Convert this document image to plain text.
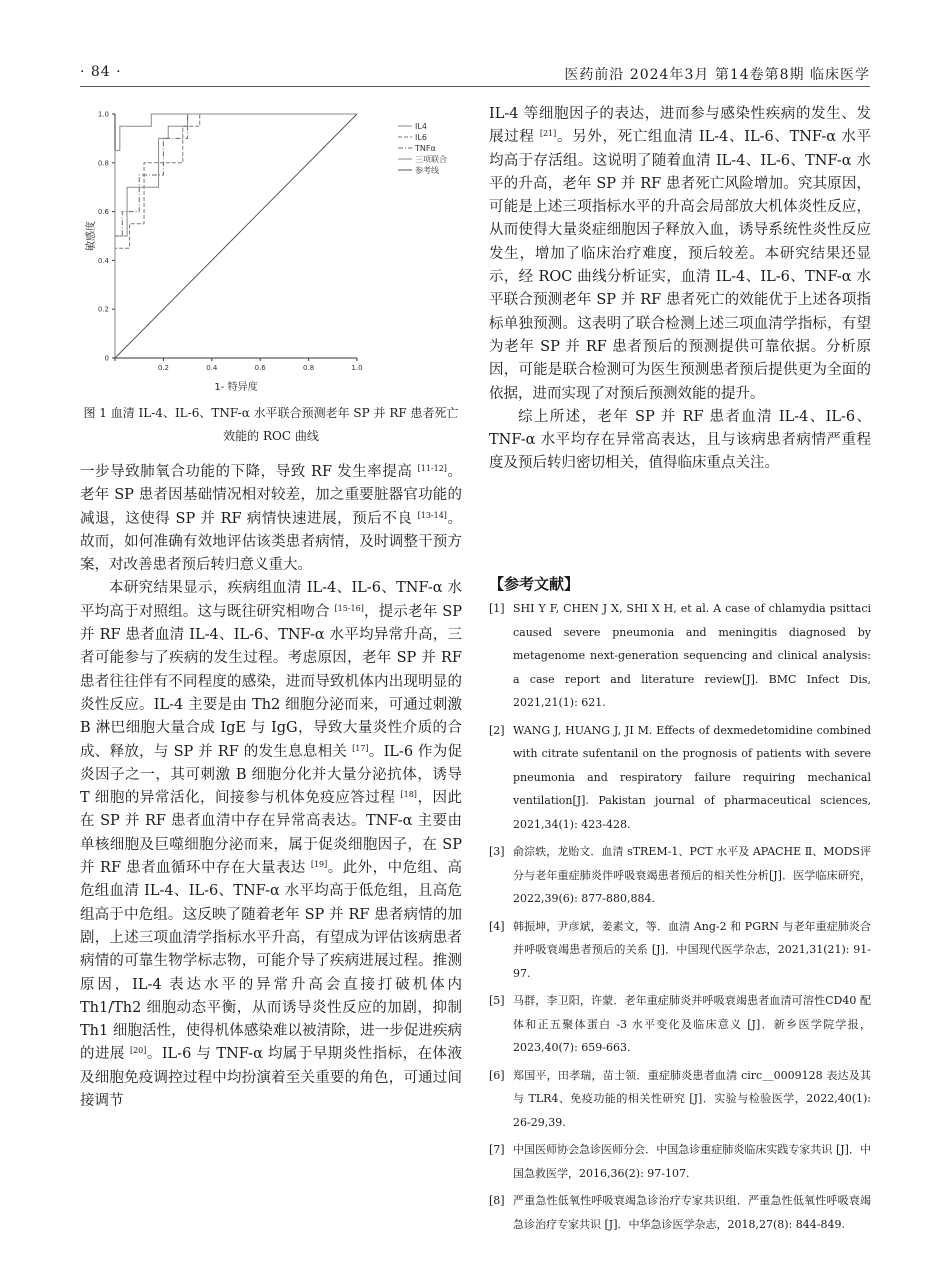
· 84 ·	医药前沿 2024年3月 第14卷第8期 临床医学
0.2	0.4	0.6	0.8	1.0
0
0.2
0.4
0.6
0.8
1.0
1- 特异度
敏感度
IL4
IL6
TNFα
三项联合
参考线
图 1 血清 IL-4、IL-6、TNF-α 水平联合预测老年 SP 并 RF 患者死亡
效能的 ROC 曲线

一步导致肺氧合功能的下降，导致 RF 发生率提高 [11-12]。老年 SP 患者因基础情况相对较差，加之重要脏器官功能的减退，这使得 SP 并 RF 病情快速进展，预后不良 [13-14]。故而，如何准确有效地评估该类患者病情，及时调整干预方案，对改善患者预后转归意义重大。

本研究结果显示，疾病组血清 IL-4、IL-6、TNF-α 水平均高于对照组。这与既往研究相吻合 [15-16]，提示老年 SP 并 RF 患者血清 IL-4、IL-6、TNF-α 水平均异常升高，三者可能参与了疾病的发生过程。考虑原因，老年 SP 并 RF 患者往往伴有不同程度的感染，进而导致机体内出现明显的炎性反应。IL-4 主要是由 Th2 细胞分泌而来，可通过刺激 B 淋巴细胞大量合成 IgE 与 IgG，导致大量炎性介质的合成、释放，与 SP 并 RF 的发生息息相关 [17]。IL-6 作为促炎因子之一，其可刺激 B 细胞分化并大量分泌抗体，诱导 T 细胞的异常活化，间接参与机体免疫应答过程 [18]，因此在 SP 并 RF 患者血清中存在异常高表达。TNF-α 主要由单核细胞及巨噬细胞分泌而来，属于促炎细胞因子，在 SP 并 RF 患者血循环中存在大量表达 [19]。此外，中危组、高危组血清 IL-4、IL-6、TNF-α 水平均高于低危组，且高危组高于中危组。这反映了随着老年 SP 并 RF 患者病情的加剧，上述三项血清学指标水平升高，有望成为评估该病患者病情的可靠生物学标志物，可能介导了疾病进展过程。推测原因，IL-4 表达水平的异常升高会直接打破机体内 Th1/Th2 细胞动态平衡，从而诱导炎性反应的加剧，抑制 Th1 细胞活性，使得机体感染难以被清除，进一步促进疾病的进展 [20]。IL-6 与 TNF-α 均属于早期炎性指标，在体液及细胞免疫调控过程中均扮演着至关重要的角色，可通过间接调节

IL-4 等细胞因子的表达，进而参与感染性疾病的发生、发展过程 [21]。另外，死亡组血清 IL-4、IL-6、TNF-α 水平均高于存活组。这说明了随着血清 IL-4、IL-6、TNF-α 水平的升高，老年 SP 并 RF 患者死亡风险增加。究其原因，可能是上述三项指标水平的升高会局部放大机体炎性反应，从而使得大量炎症细胞因子释放入血，诱导系统性炎性反应发生，增加了临床治疗难度，预后较差。本研究结果还显示，经 ROC 曲线分析证实，血清 IL-4、IL-6、TNF-α 水平联合预测老年 SP 并 RF 患者死亡的效能优于上述各项指标单独预测。这表明了联合检测上述三项血清学指标，有望为老年 SP 并 RF 患者预后的预测提供可靠依据。分析原因，可能是联合检测可为医生预测患者预后提供更为全面的依据，进而实现了对预后预测效能的提升。

综上所述，老年 SP 并 RF 患者血清 IL-4、IL-6、TNF-α 水平均存在异常高表达，且与该病患者病情严重程度及预后转归密切相关，值得临床重点关注。

【参考文献】
[1] SHI Y F, CHEN J X, SHI X H, et al. A case of chlamydia psittaci caused severe pneumonia and meningitis diagnosed by metagenome next-generation sequencing and clinical analysis: a case report and literature review[J]. BMC Infect Dis, 2021,21(1): 621.
[2] WANG J, HUANG J, JI M. Effects of dexmedetomidine combined with citrate sufentanil on the prognosis of patients with severe pneumonia and respiratory failure requiring mechanical ventilation[J]. Pakistan journal of pharmaceutical sciences, 2021,34(1): 423-428.
[3] 俞淙轶，龙贻文．血清 sTREM-1、PCT 水平及 APACHE Ⅱ、MODS评分与老年重症肺炎伴呼吸衰竭患者预后的相关性分析[J]．医学临床研究，2022,39(6): 877-880,884.
[4] 韩振坤，尹彦斌，姜素文，等．血清 Ang-2 和 PGRN 与老年重症肺炎合并呼吸衰竭患者预后的关系 [J]．中国现代医学杂志，2021,31(21): 91-97.
[5] 马群，李卫阳，许蒙．老年重症肺炎并呼吸衰竭患者血清可溶性CD40 配体和正五聚体蛋白 -3 水平变化及临床意义 [J]．新乡医学院学报，2023,40(7): 659-663.
[6] 郑国平，田孝瑞，苗士领．重症肺炎患者血清 circ＿0009128 表达及其与 TLR4、免疫功能的相关性研究 [J]．实验与检验医学，2022,40(1): 26-29,39.
[7] 中国医师协会急诊医师分会．中国急诊重症肺炎临床实践专家共识 [J]．中国急救医学，2016,36(2): 97-107.
[8] 严重急性低氧性呼吸衰竭急诊治疗专家共识组．严重急性低氧性呼吸衰竭急诊治疗专家共识 [J]．中华急诊医学杂志，2018,27(8): 844-849.
